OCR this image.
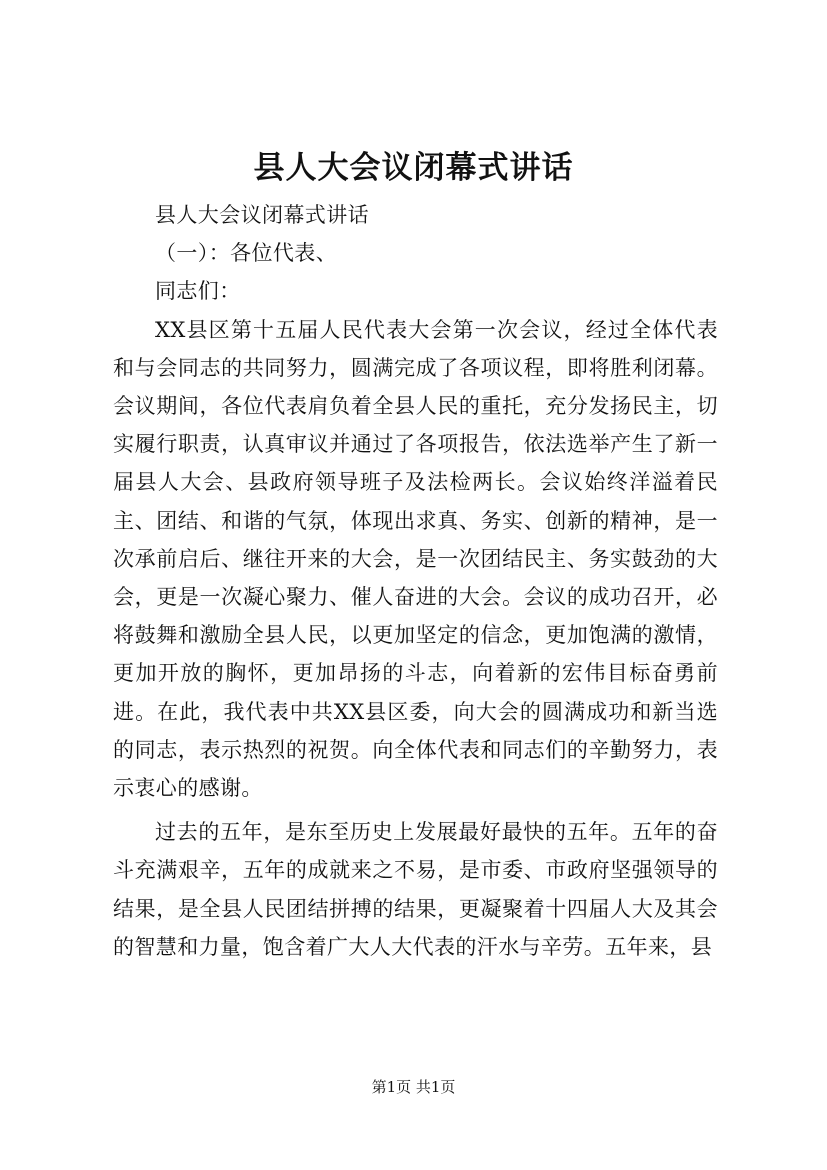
县人大会议闭幕式讲话

县人大会议闭幕式讲话

（一）：各位代表、

同志们：

XX县区第十五届人民代表大会第一次会议，经过全体代表和与会同志的共同努力，圆满完成了各项议程，即将胜利闭幕。会议期间，各位代表肩负着全县人民的重托，充分发扬民主，切实履行职责，认真审议并通过了各项报告，依法选举产生了新一届县人大会、县政府领导班子及法检两长。会议始终洋溢着民主、团结、和谐的气氛，体现出求真、务实、创新的精神，是一次承前启后、继往开来的大会，是一次团结民主、务实鼓劲的大会，更是一次凝心聚力、催人奋进的大会。会议的成功召开，必将鼓舞和激励全县人民，以更加坚定的信念，更加饱满的激情，更加开放的胸怀，更加昂扬的斗志，向着新的宏伟目标奋勇前进。在此，我代表中共XX县区委，向大会的圆满成功和新当选的同志，表示热烈的祝贺。向全体代表和同志们的辛勤努力，表示衷心的感谢。

过去的五年，是东至历史上发展最好最快的五年。五年的奋斗充满艰辛，五年的成就来之不易，是市委、市政府坚强领导的结果，是全县人民团结拼搏的结果，更凝聚着十四届人大及其会的智慧和力量，饱含着广大人大代表的汗水与辛劳。五年来，县

第1页 共1页
